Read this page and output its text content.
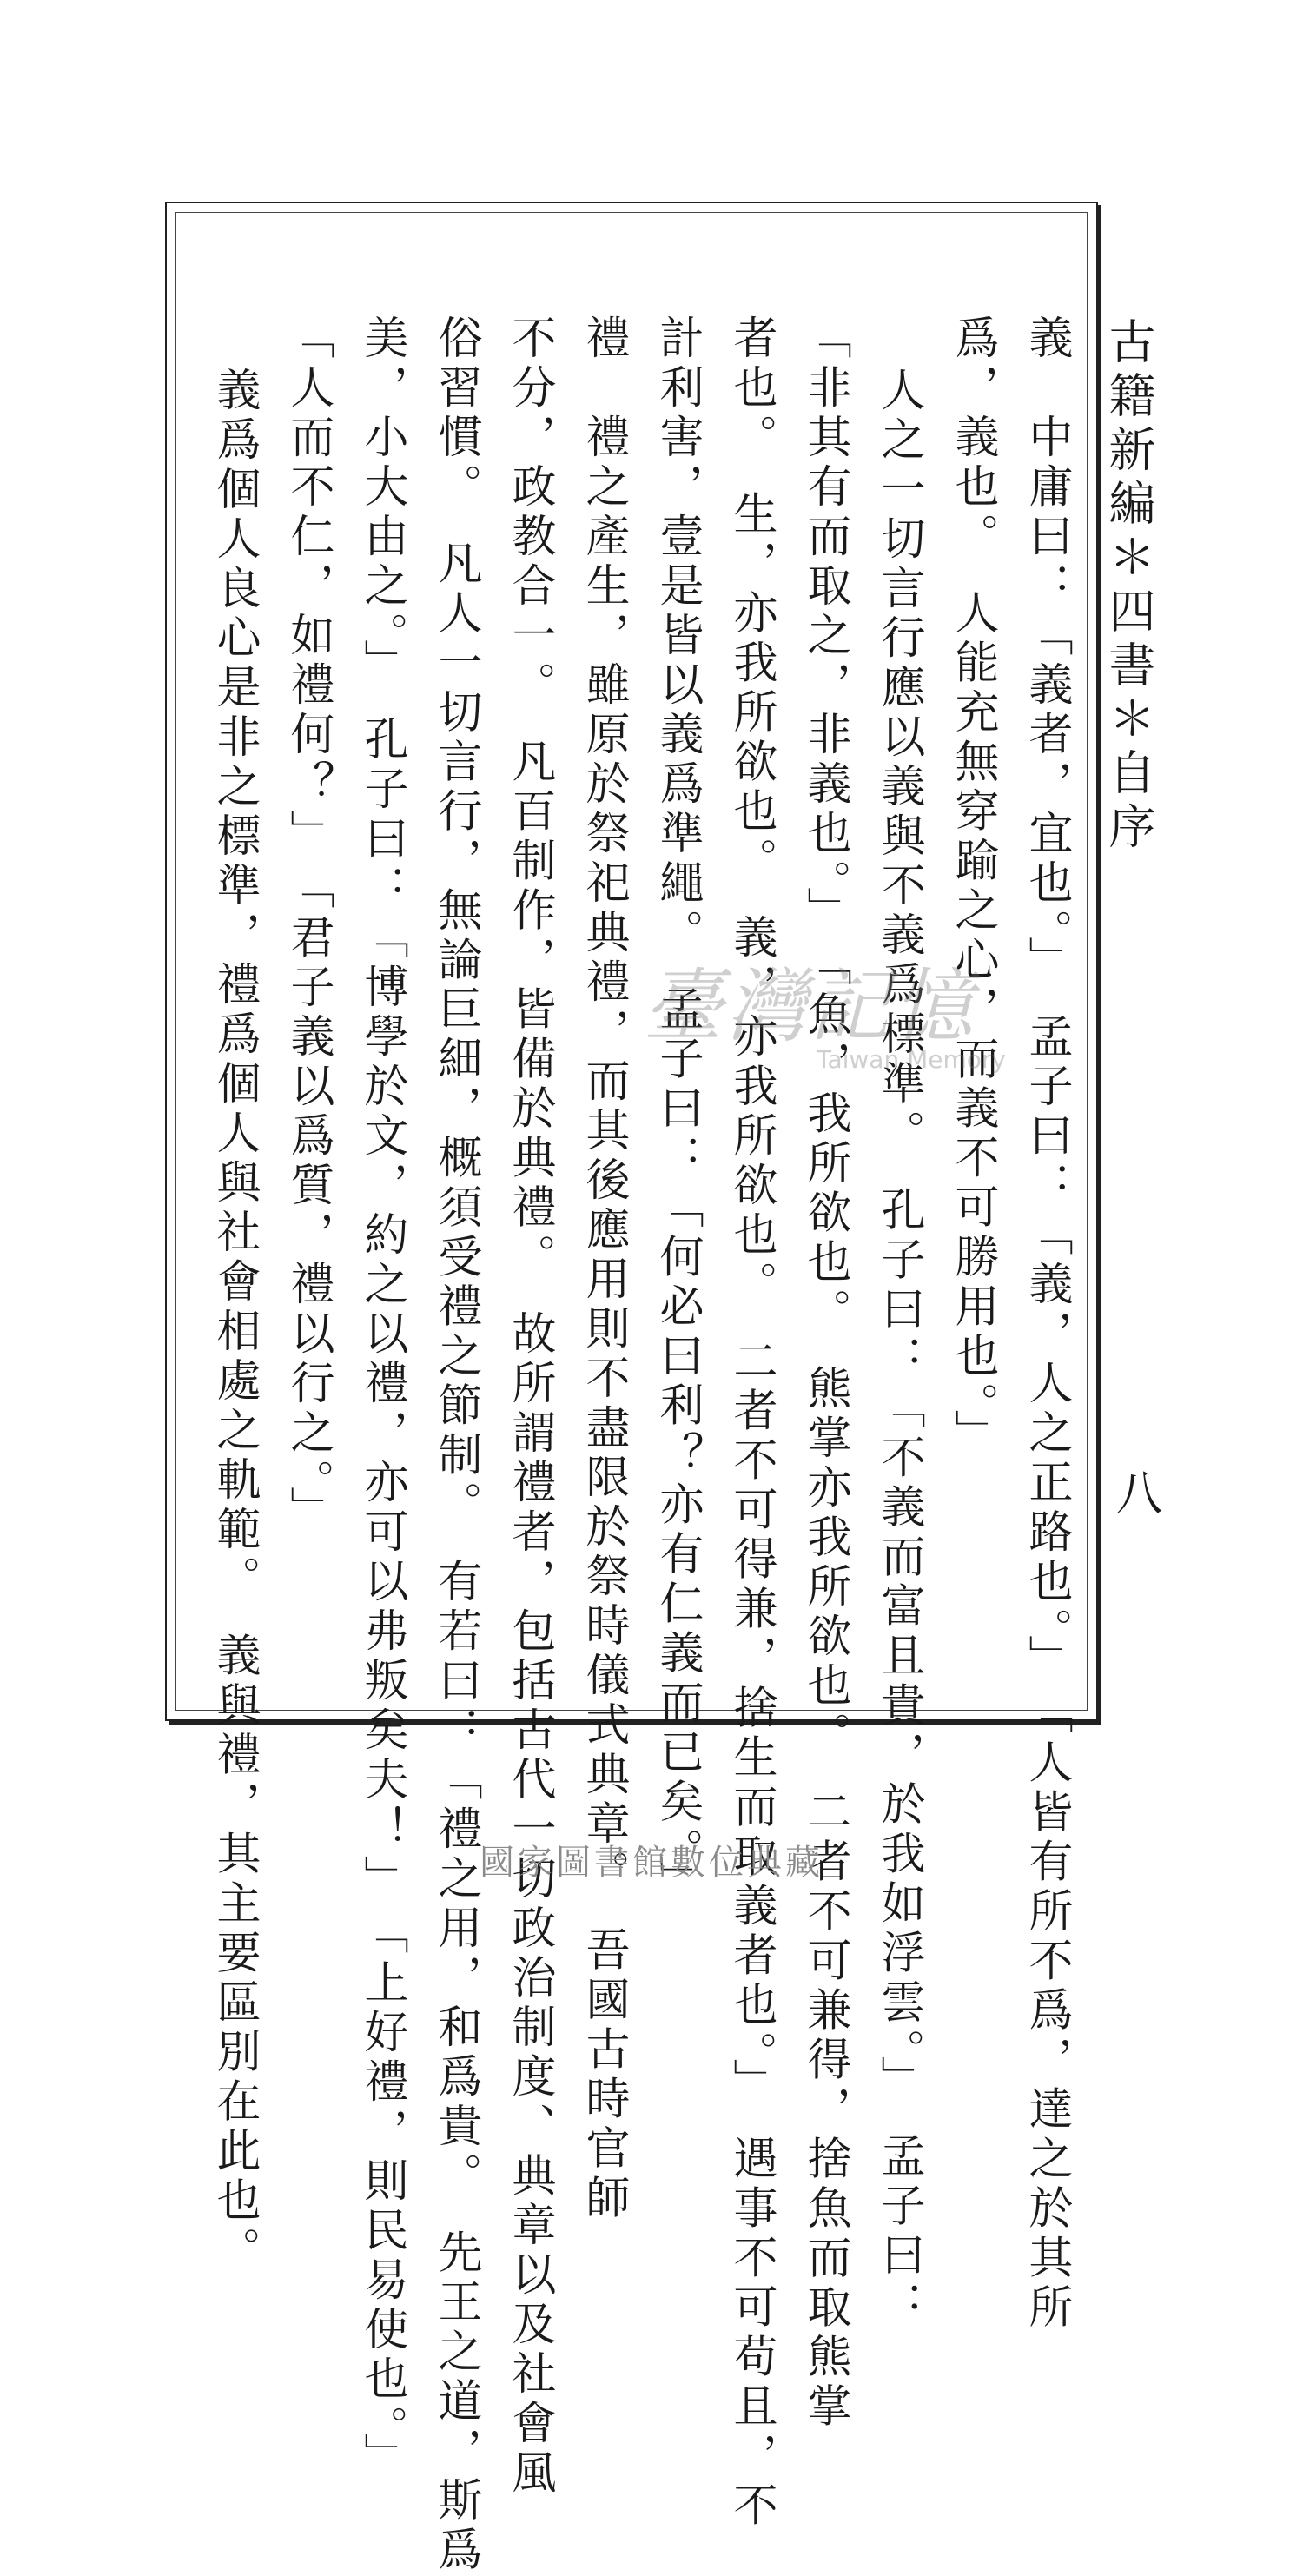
古籍新編＊四書＊自序
八
義　中庸曰：「義者，宜也。」　孟子曰：「義，人之正路也。」　「人皆有所不爲，達之於其所
爲，義也。　人能充無穿踰之心，而義不可勝用也。」
人之一切言行應以義與不義爲標準。　孔子曰：「不義而富且貴，於我如浮雲。」　孟子曰：
「非其有而取之，非義也。」　「魚，我所欲也。　熊掌亦我所欲也。　二者不可兼得，捨魚而取熊掌
者也。　生，亦我所欲也。　義，亦我所欲也。　二者不可得兼，捨生而取義者也。」　遇事不可苟且，不
計利害，壹是皆以義爲準繩。　孟子曰：「何必曰利？亦有仁義而已矣。」
禮　禮之產生，雖原於祭祀典禮，而其後應用則不盡限於祭時儀式典章。　吾國古時官師
不分，政教合一。　凡百制作，皆備於典禮。　故所謂禮者，包括古代一切政治制度、典章以及社會風
俗習慣。　凡人一切言行，無論巨細，概須受禮之節制。　有若曰：「禮之用，和爲貴。　先王之道，斯爲
美，小大由之。」　孔子曰：「博學於文，約之以禮，亦可以弗叛矣夫！」　「上好禮，則民易使也。」
「人而不仁，如禮何？」　「君子義以爲質，禮以行之。」
義爲個人良心是非之標準，禮爲個人與社會相處之軌範。　義與禮，其主要區別在此也。	臺灣記憶
Taiwan Memory
國家圖書館數位典藏
